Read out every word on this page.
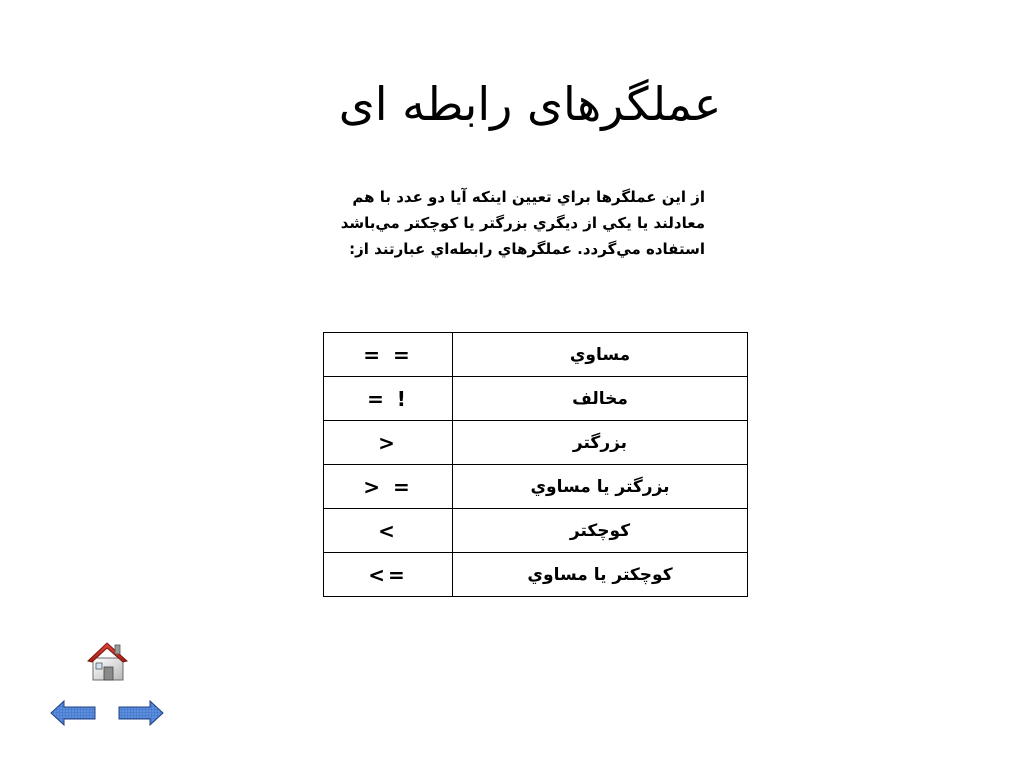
عملگرهای رابطه ای
از اين عملگرها براي تعيين اينكه آيا دو عدد با هم معادلند يا يكي از ديگري بزرگتر يا كوچكتر مي‌باشد استفاده مي‌گردد. عملگرهاي رابطه‌اي عبارتند از:
= =	مساوي
= !	مخالف
>	بزرگتر
> =	بزرگتر يا مساوي
<	كوچكتر
<=	كوچكتر يا مساوي
